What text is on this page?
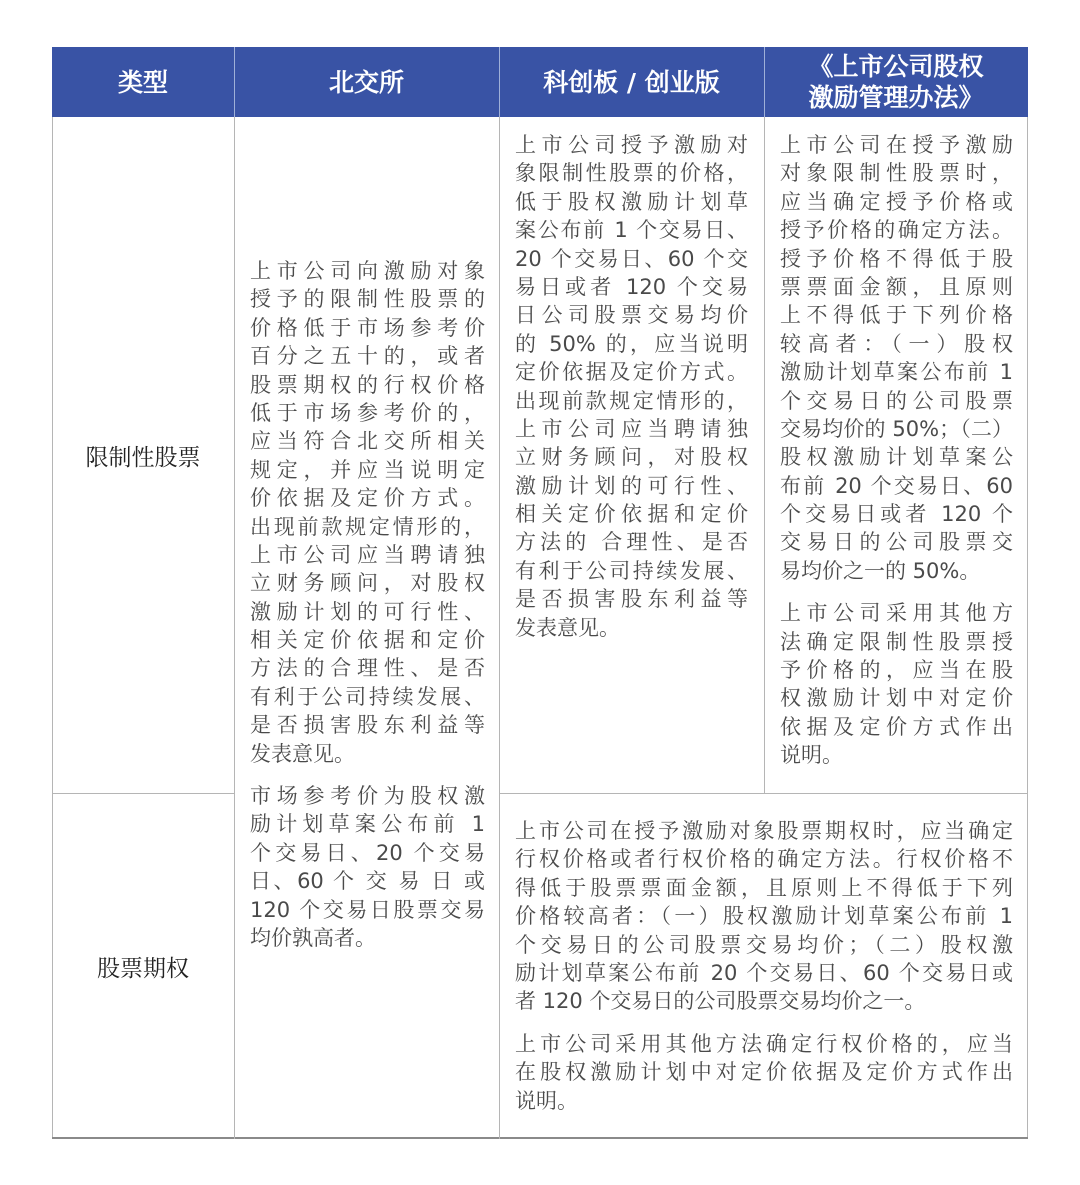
类型	北交所	科创板 / 创业版
《上市公司股权
激励管理办法》
限制性股票
股票期权
上市公司向激励对象
授予的限制性股票的
价格低于市场参考价
百分之五十的，或者
股票期权的行权价格
低于市场参考价的，
应当符合北交所相关
规定，并应当说明定
价依据及定价方式。
出现前款规定情形的，
上市公司应当聘请独
立财务顾问，对股权
激励计划的可行性、
相关定价依据和定价
方法的合理性、是否
有利于公司持续发展、
是否损害股东利益等
发表意见。
市场参考价为股权激
励计划草案公布前 1
个交易日、20 个交易
日、60 个 交 易 日 或
120 个交易日股票交易
均价孰高者。
上市公司授予激励对
象限制性股票的价格，
低于股权激励计划草
案公布前 1 个交易日、
20 个交易日、60 个交
易日或者 120 个交易
日公司股票交易均价
的 50% 的，应当说明
定价依据及定价方式。
出现前款规定情形的，
上市公司应当聘请独
立财务顾问，对股权
激励计划的可行性、
相关定价依据和定价
方法的 合理性、是否
有利于公司持续发展、
是否损害股东利益等
发表意见。
上市公司在授予激励
对象限制性股票时，
应当确定授予价格或
授予价格的确定方法。
授予价格不得低于股
票票面金额，且原则
上不得低于下列价格
较高者：（一）股权
激励计划草案公布前 1
个交易日的公司股票
交易均价的 50%；（二）
股权激励计划草案公
布前 20 个交易日、60
个交易日或者 120 个
交易日的公司股票交
易均价之一的 50%。
上市公司采用其他方
法确定限制性股票授
予价格的，应当在股
权激励计划中对定价
依据及定价方式作出
说明。
上市公司在授予激励对象股票期权时，应当确定
行权价格或者行权价格的确定方法。行权价格不
得低于股票票面金额，且原则上不得低于下列
价格较高者：（一）股权激励计划草案公布前 1
个交易日的公司股票交易均价；（二）股权激
励计划草案公布前 20 个交易日、60 个交易日或
者 120 个交易日的公司股票交易均价之一。
上市公司采用其他方法确定行权价格的，应当
在股权激励计划中对定价依据及定价方式作出
说明。
